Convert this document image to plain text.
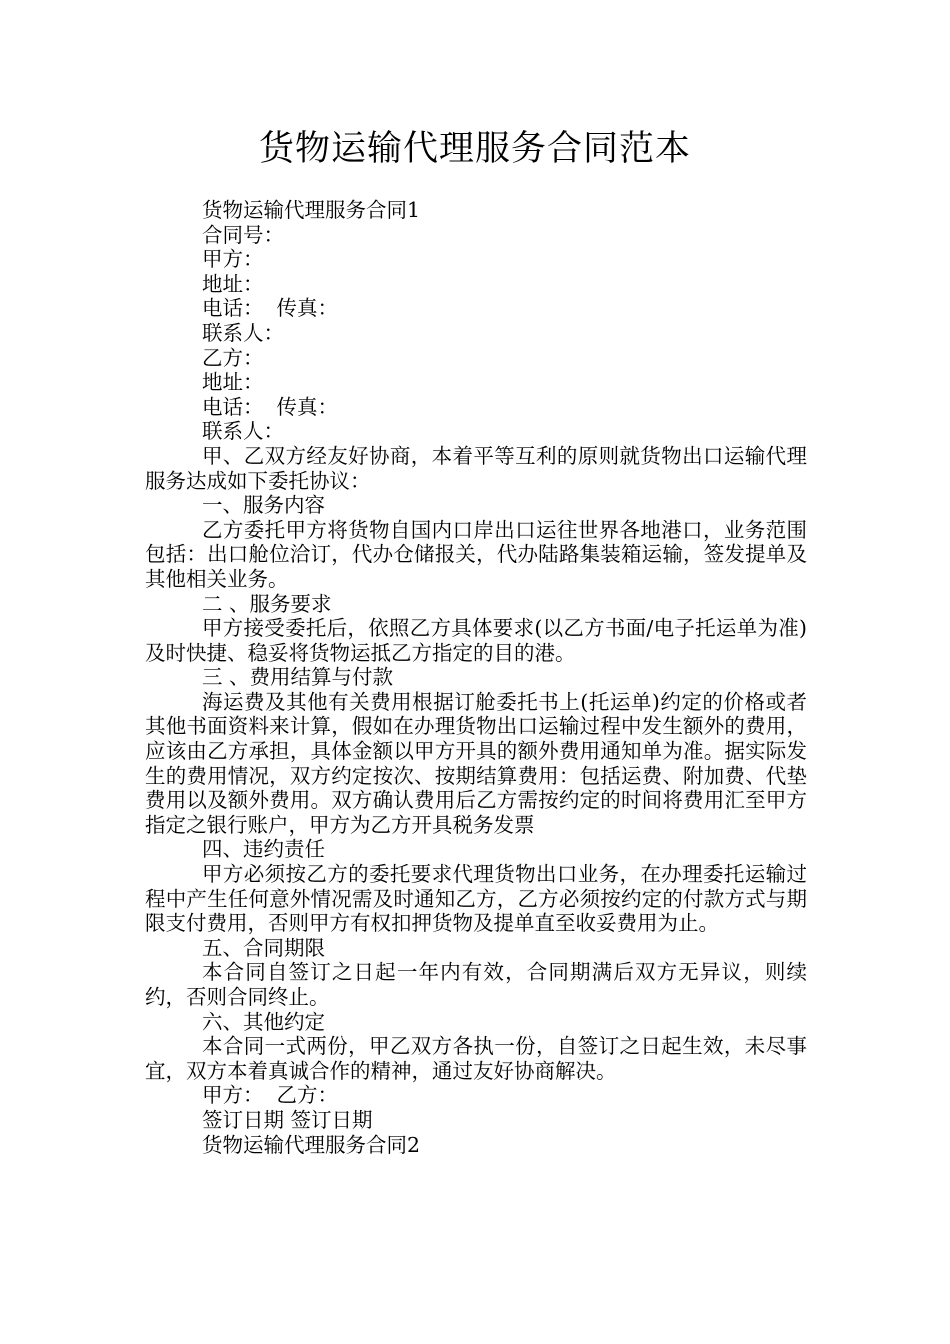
货物运输代理服务合同范本

货物运输代理服务合同1

合同号：

甲方：

地址：

电话：  传真：

联系人：

乙方：

地址：

电话：  传真：

联系人：

甲、乙双方经友好协商，本着平等互利的原则就货物出口运输代理服务达成如下委托协议：

一、服务内容

乙方委托甲方将货物自国内口岸出口运往世界各地港口，业务范围包括：出口舱位洽订，代办仓储报关，代办陆路集装箱运输，签发提单及其他相关业务。

二 、服务要求

甲方接受委托后，依照乙方具体要求(以乙方书面/电子托运单为准)及时快捷、稳妥将货物运抵乙方指定的目的港。

三 、费用结算与付款

海运费及其他有关费用根据订舱委托书上(托运单)约定的价格或者其他书面资料来计算，假如在办理货物出口运输过程中发生额外的费用，应该由乙方承担，具体金额以甲方开具的额外费用通知单为准。据实际发生的费用情况，双方约定按次、按期结算费用：包括运费、附加费、代垫费用以及额外费用。双方确认费用后乙方需按约定的时间将费用汇至甲方指定之银行账户，甲方为乙方开具税务发票

四、违约责任

甲方必须按乙方的委托要求代理货物出口业务，在办理委托运输过程中产生任何意外情况需及时通知乙方，乙方必须按约定的付款方式与期限支付费用，否则甲方有权扣押货物及提单直至收妥费用为止。

五、合同期限

本合同自签订之日起一年内有效，合同期满后双方无异议，则续约，否则合同终止。

六、其他约定

本合同一式两份，甲乙双方各执一份，自签订之日起生效，未尽事宜，双方本着真诚合作的精神，通过友好协商解决。

甲方：  乙方：

签订日期 签订日期

货物运输代理服务合同2
